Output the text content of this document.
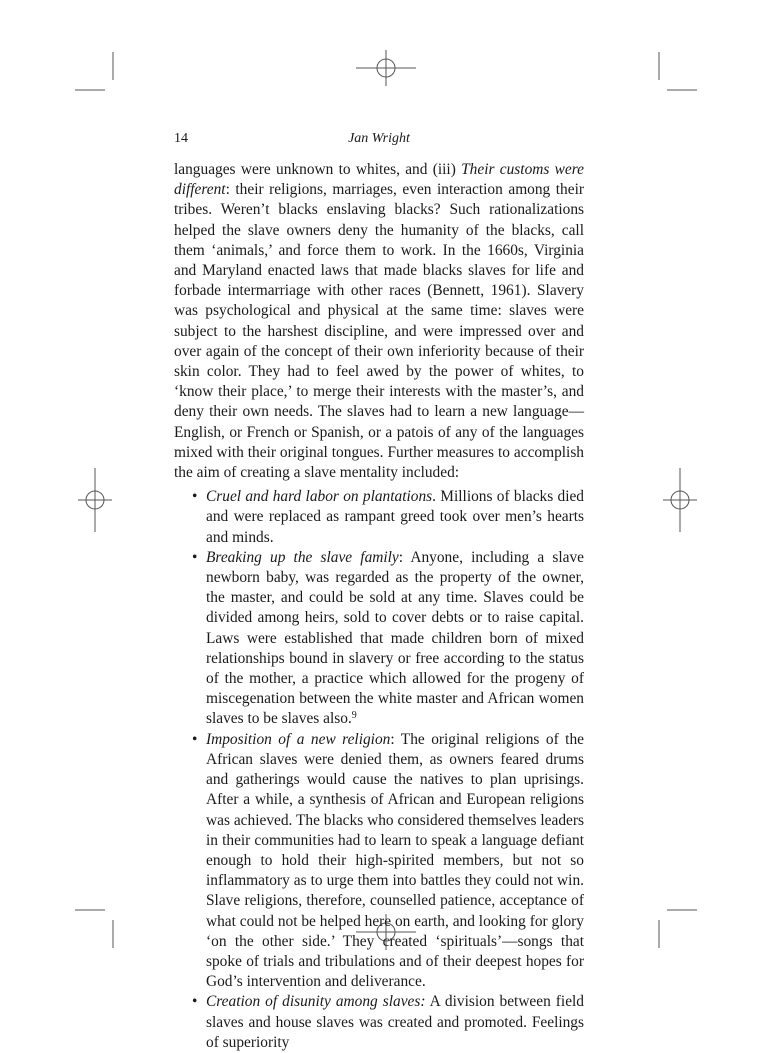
14	Jan Wright

languages were unknown to whites, and (iii) Their customs were different: their religions, marriages, even interaction among their tribes. Weren’t blacks enslaving blacks? Such rationalizations helped the slave owners deny the humanity of the blacks, call them ‘animals,’ and force them to work. In the 1660s, Virginia and Maryland enacted laws that made blacks slaves for life and forbade intermarriage with other races (Bennett, 1961). Slavery was psychological and physical at the same time: slaves were subject to the harshest discipline, and were impressed over and over again of the concept of their own inferiority because of their skin color. They had to feel awed by the power of whites, to ‘know their place,’ to merge their interests with the master’s, and deny their own needs. The slaves had to learn a new language—English, or French or Spanish, or a patois of any of the languages mixed with their original tongues. Further measures to accomplish the aim of creating a slave mentality included:

• Cruel and hard labor on plantations. Millions of blacks died and were replaced as rampant greed took over men’s hearts and minds.
• Breaking up the slave family: Anyone, including a slave newborn baby, was regarded as the property of the owner, the master, and could be sold at any time. Slaves could be divided among heirs, sold to cover debts or to raise capital. Laws were established that made children born of mixed relationships bound in slavery or free according to the status of the mother, a practice which allowed for the progeny of miscegenation between the white master and African women slaves to be slaves also.$^9$
• Imposition of a new religion: The original religions of the African slaves were denied them, as owners feared drums and gatherings would cause the natives to plan uprisings. After a while, a synthesis of African and European religions was achieved. The blacks who considered themselves leaders in their communities had to learn to speak a language defiant enough to hold their high-spirited members, but not so inflammatory as to urge them into battles they could not win. Slave religions, therefore, counselled patience, acceptance of what could not be helped here on earth, and looking for glory ‘on the other side.’ They created ‘spirituals’—songs that spoke of trials and tribulations and of their deepest hopes for God’s intervention and deliverance.
• Creation of disunity among slaves: A division between field slaves and house slaves was created and promoted. Feelings of superiority
